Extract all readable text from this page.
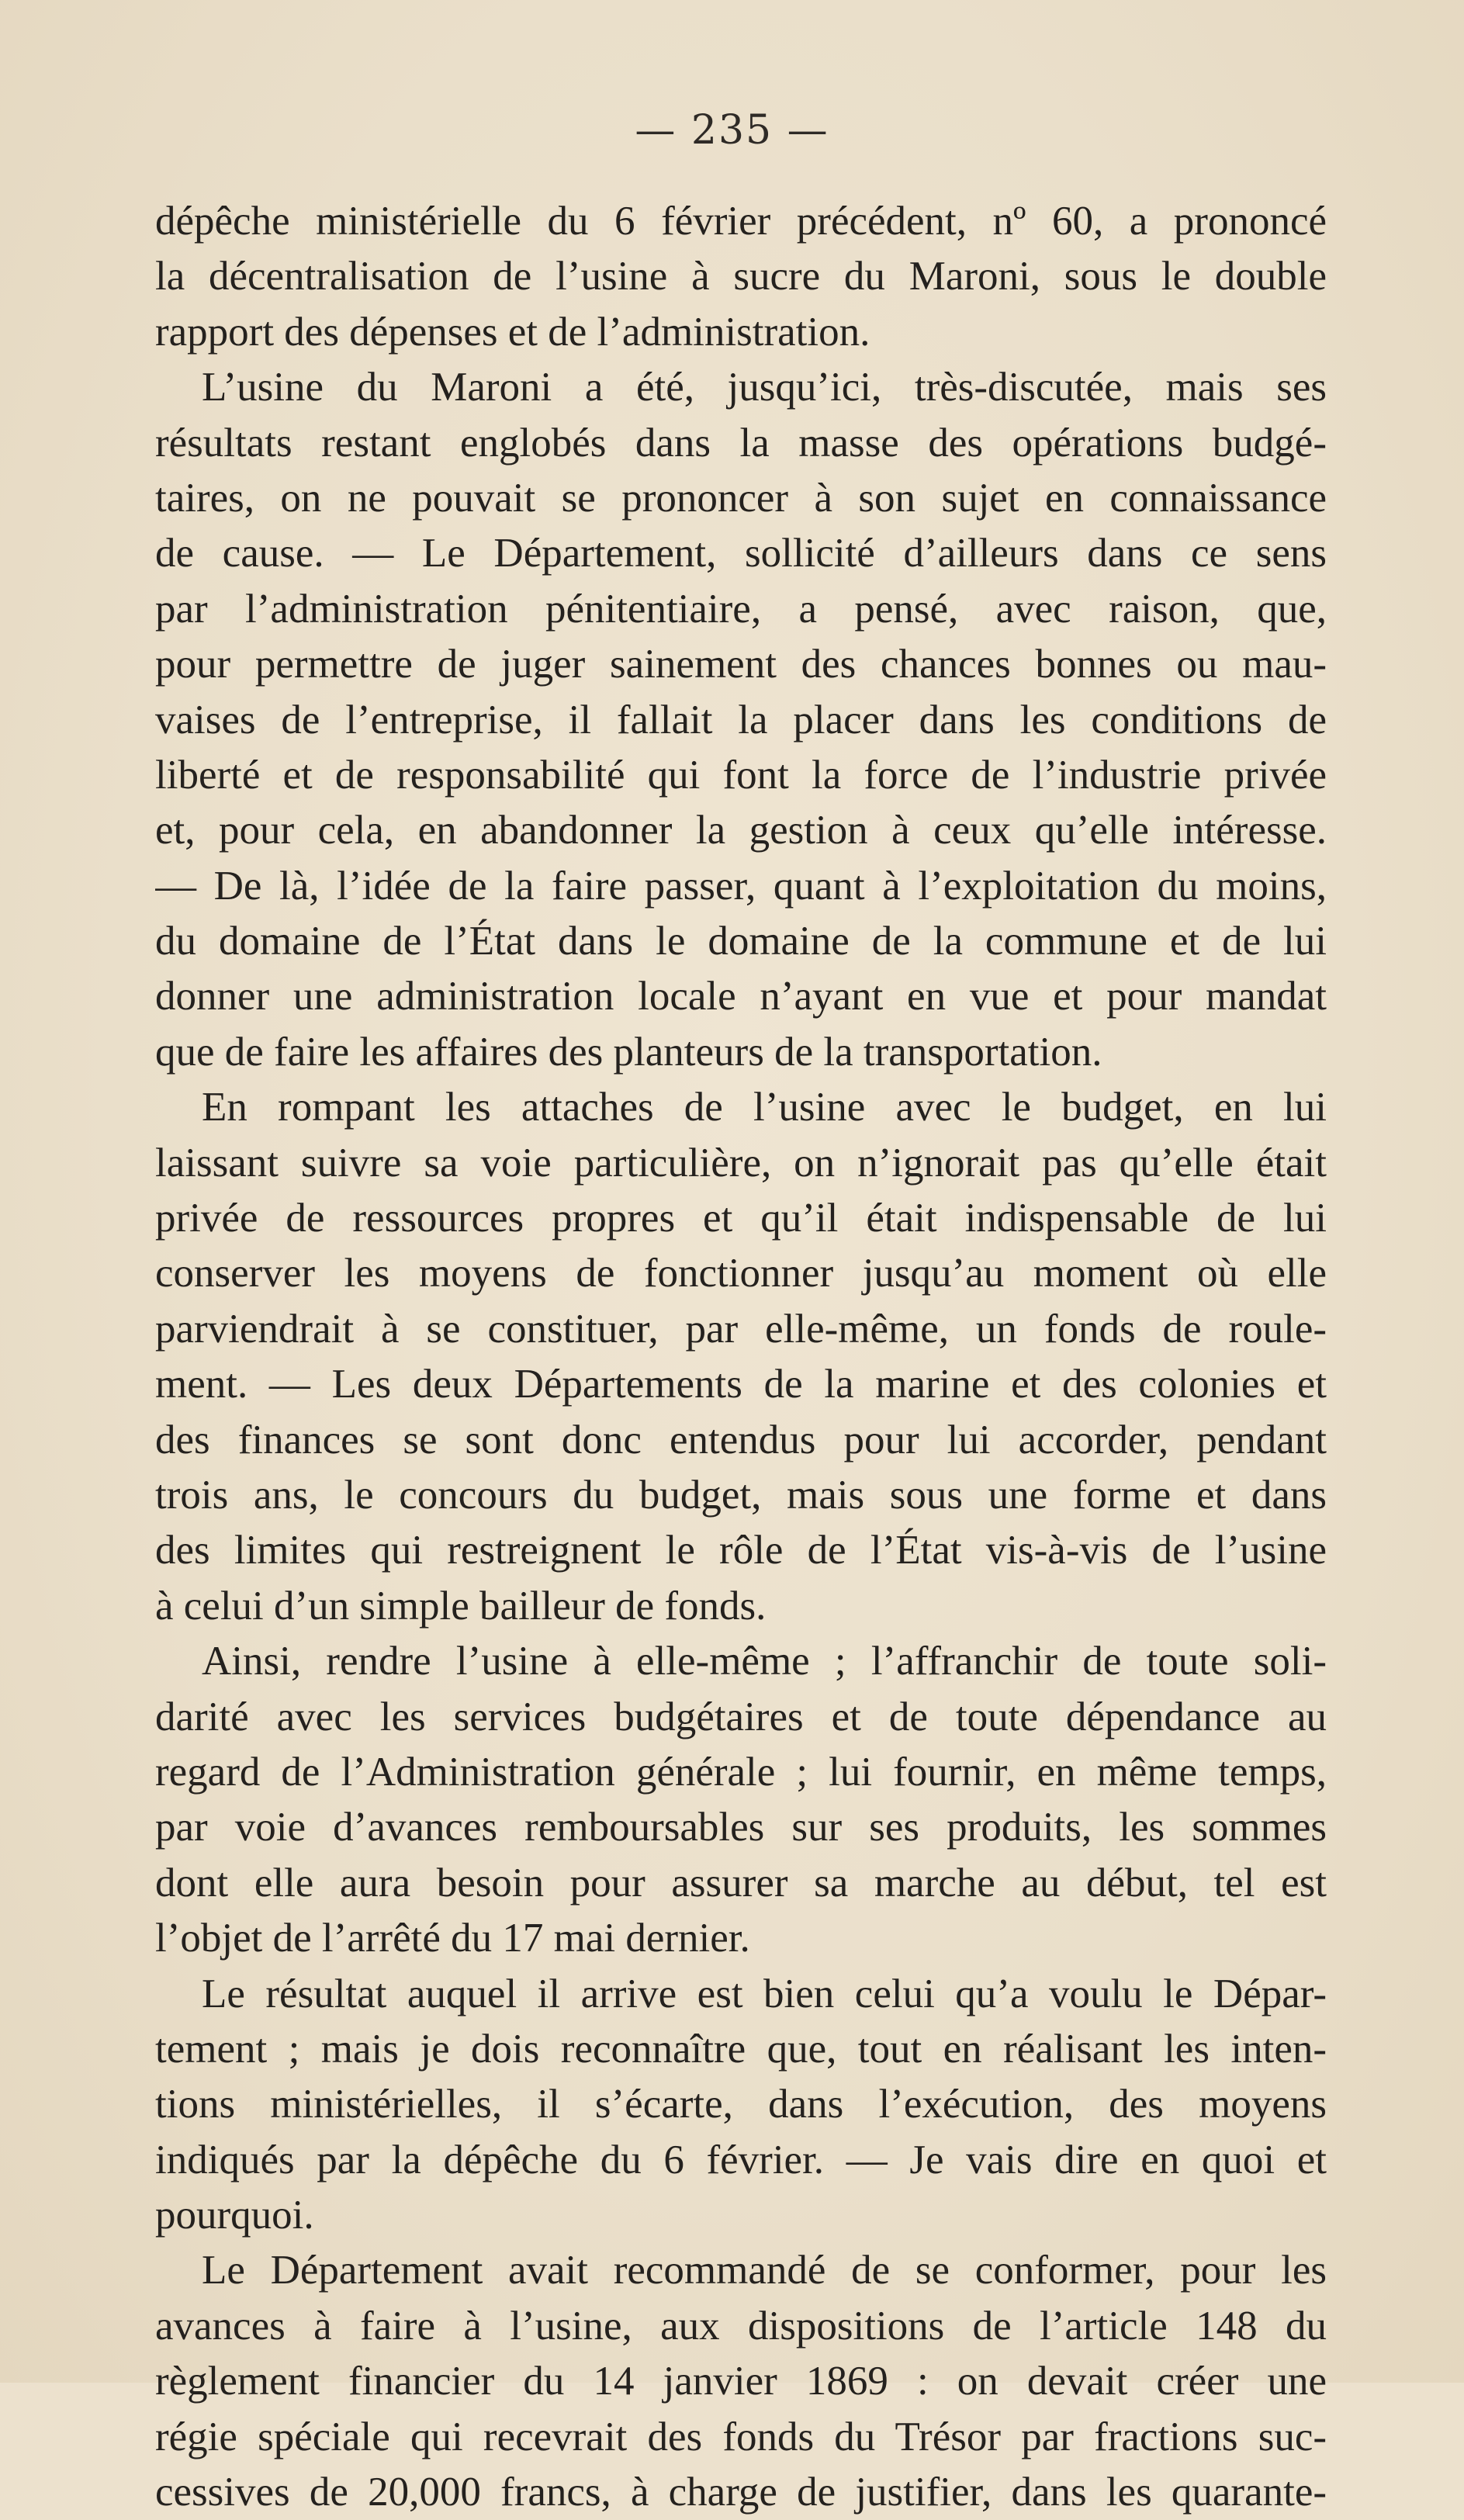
— 235 —
dépêche ministérielle du 6 février précédent, nº 60, a prononcé
la décentralisation de l’usine à sucre du Maroni, sous le double
rapport des dépenses et de l’administration.
L’usine du Maroni a été, jusqu’ici, très-discutée, mais ses
résultats restant englobés dans la masse des opérations budgé-
taires, on ne pouvait se prononcer à son sujet en connaissance
de cause. — Le Département, sollicité d’ailleurs dans ce sens
par l’administration pénitentiaire, a pensé, avec raison, que,
pour permettre de juger sainement des chances bonnes ou mau-
vaises de l’entreprise, il fallait la placer dans les conditions de
liberté et de responsabilité qui font la force de l’industrie privée
et, pour cela, en abandonner la gestion à ceux qu’elle intéresse.
— De là, l’idée de la faire passer, quant à l’exploitation du moins,
du domaine de l’État dans le domaine de la commune et de lui
donner une administration locale n’ayant en vue et pour mandat
que de faire les affaires des planteurs de la transportation.
En rompant les attaches de l’usine avec le budget, en lui
laissant suivre sa voie particulière, on n’ignorait pas qu’elle était
privée de ressources propres et qu’il était indispensable de lui
conserver les moyens de fonctionner jusqu’au moment où elle
parviendrait à se constituer, par elle-même, un fonds de roule-
ment. — Les deux Départements de la marine et des colonies et
des finances se sont donc entendus pour lui accorder, pendant
trois ans, le concours du budget, mais sous une forme et dans
des limites qui restreignent le rôle de l’État vis-à-vis de l’usine
à celui d’un simple bailleur de fonds.
Ainsi, rendre l’usine à elle-même ; l’affranchir de toute soli-
darité avec les services budgétaires et de toute dépendance au
regard de l’Administration générale ; lui fournir, en même temps,
par voie d’avances remboursables sur ses produits, les sommes
dont elle aura besoin pour assurer sa marche au début, tel est
l’objet de l’arrêté du 17 mai dernier.
Le résultat auquel il arrive est bien celui qu’a voulu le Dépar-
tement ; mais je dois reconnaître que, tout en réalisant les inten-
tions ministérielles, il s’écarte, dans l’exécution, des moyens
indiqués par la dépêche du 6 février. — Je vais dire en quoi et
pourquoi.
Le Département avait recommandé de se conformer, pour les
avances à faire à l’usine, aux dispositions de l’article 148 du
règlement financier du 14 janvier 1869 : on devait créer une
régie spéciale qui recevrait des fonds du Trésor par fractions suc-
cessives de 20,000 francs, à charge de justifier, dans les quarante-
